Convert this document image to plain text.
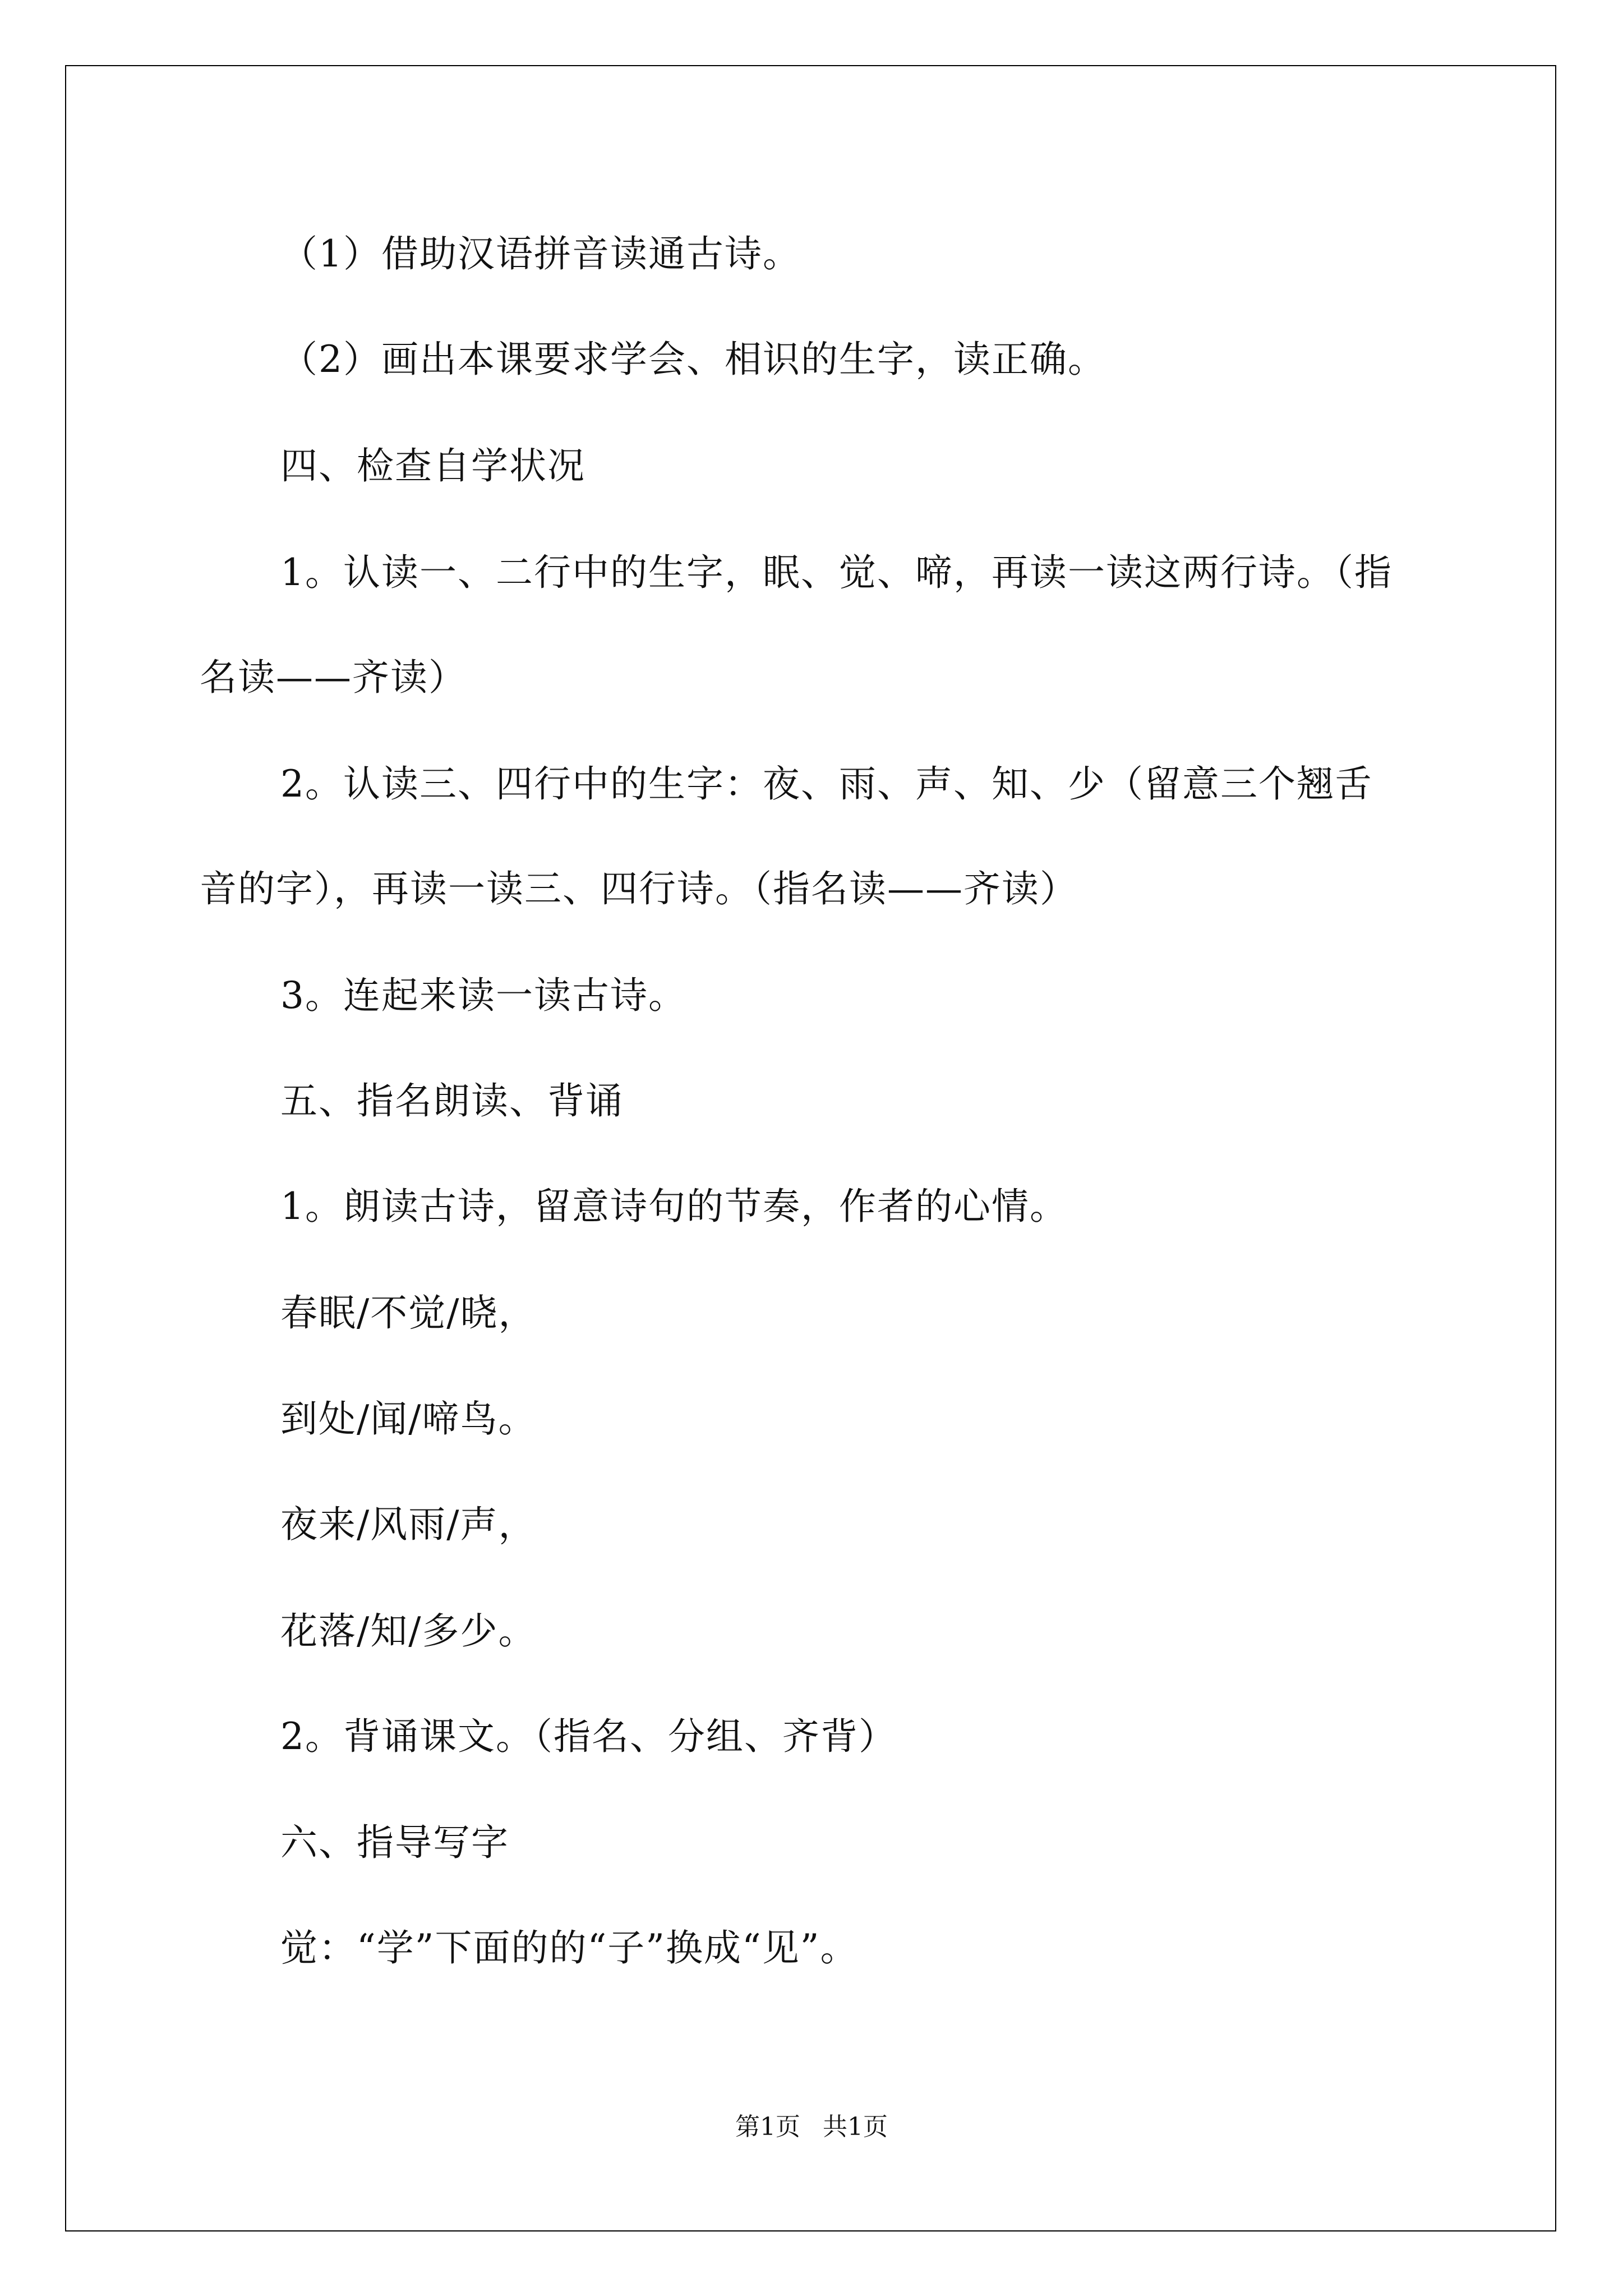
（1）借助汉语拼音读通古诗。

（2）画出本课要求学会、相识的生字，读正确。

四、检查自学状况

1。认读一、二行中的生字，眠、觉、啼，再读一读这两行诗。（指

名读——齐读）

2。认读三、四行中的生字：夜、雨、声、知、少（留意三个翘舌

音的字），再读一读三、四行诗。（指名读——齐读）

3。连起来读一读古诗。

五、指名朗读、背诵

1。朗读古诗，留意诗句的节奏，作者的心情。

春眠/不觉/晓，

到处/闻/啼鸟。

夜来/风雨/声，

花落/知/多少。

2。背诵课文。（指名、分组、齐背）

六、指导写字

觉：“学”下面的的“子”换成“见”。

第1页 共1页
